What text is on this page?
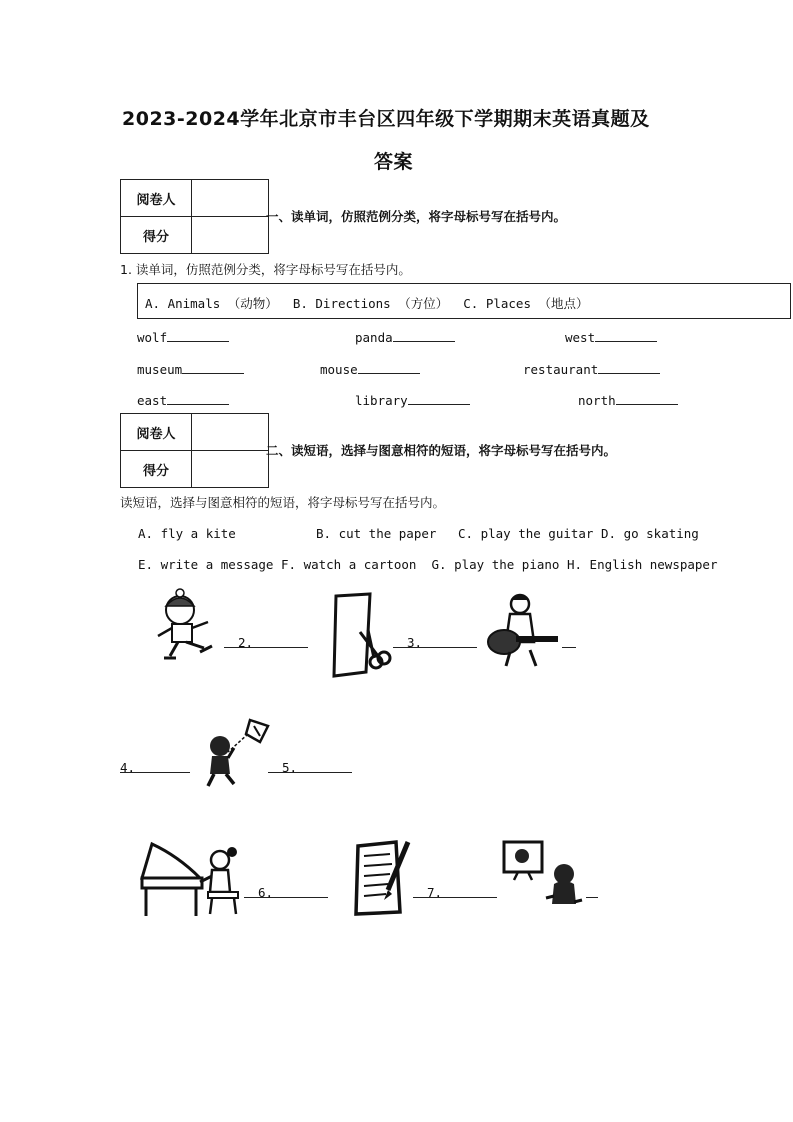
2023-2024学年北京市丰台区四年级下学期期末英语真题及
答案
阅卷人	
得分	
一、读单词，仿照范例分类，将字母标号写在括号内。
1. 读单词，仿照范例分类，将字母标号写在括号内。
A. Animals （动物）  B. Directions （方位）  C. Places （地点）
wolf	panda	west
museum	mouse	restaurant
east	library	north
阅卷人	
得分	
二、读短语，选择与图意相符的短语，将字母标号写在括号内。
读短语，选择与图意相符的短语，将字母标号写在括号内。
A. fly a kite	B. cut the paper C. play the guitar D. go skating
E. write a message F. watch a cartoon  G. play the piano H. English newspaper
2.	3.
4.	5.
6.	7.
